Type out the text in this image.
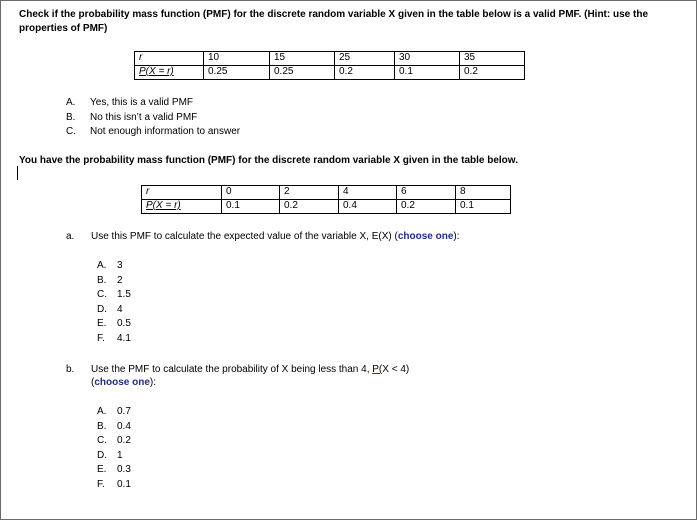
Check if the probability mass function (PMF) for the discrete random variable X given in the table below is a valid PMF. (Hint: use the properties of PMF)
r	10	15	25	30	35
P(X = r)	0.25	0.25	0.2	0.1	0.2
A. Yes, this is a valid PMF
B. No this isn’t a valid PMF
C. Not enough information to answer
You have the probability mass function (PMF) for the discrete random variable X given in the table below.
r	0	2	4	6	8
P(X = r)	0.1	0.2	0.4	0.2	0.1
a. Use this PMF to calculate the expected value of the variable X, E(X) (choose one):
A. 3
B. 2
C. 1.5
D. 4
E. 0.5
F. 4.1
b. Use the PMF to calculate the probability of X being less than 4, P(X < 4)
(choose one):
A. 0.7
B. 0.4
C. 0.2
D. 1
E. 0.3
F. 0.1
